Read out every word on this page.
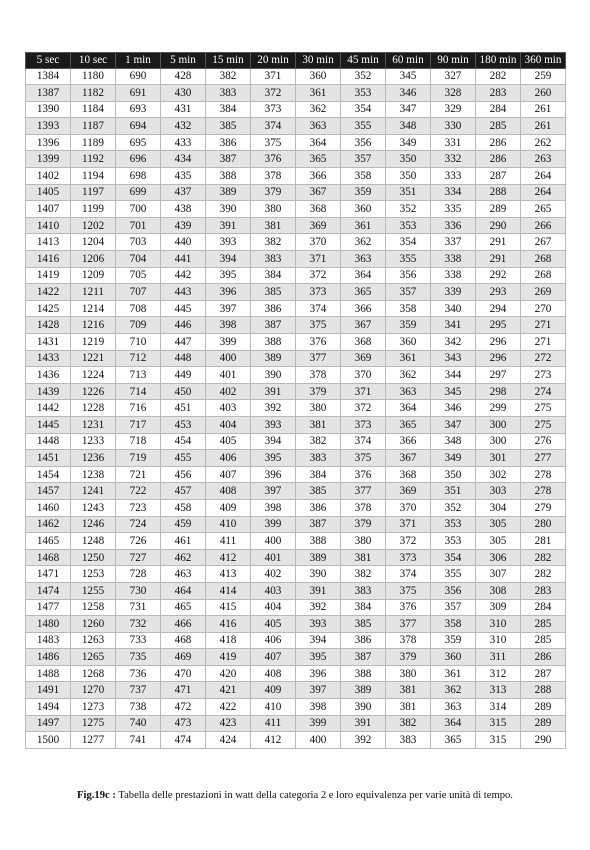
5 sec	10 sec	1 min	5 min	15 min	20 min	30 min	45 min	60 min	90 min	180 min	360 min
1384	1180	690	428	382	371	360	352	345	327	282	259
1387	1182	691	430	383	372	361	353	346	328	283	260
1390	1184	693	431	384	373	362	354	347	329	284	261
1393	1187	694	432	385	374	363	355	348	330	285	261
1396	1189	695	433	386	375	364	356	349	331	286	262
1399	1192	696	434	387	376	365	357	350	332	286	263
1402	1194	698	435	388	378	366	358	350	333	287	264
1405	1197	699	437	389	379	367	359	351	334	288	264
1407	1199	700	438	390	380	368	360	352	335	289	265
1410	1202	701	439	391	381	369	361	353	336	290	266
1413	1204	703	440	393	382	370	362	354	337	291	267
1416	1206	704	441	394	383	371	363	355	338	291	268
1419	1209	705	442	395	384	372	364	356	338	292	268
1422	1211	707	443	396	385	373	365	357	339	293	269
1425	1214	708	445	397	386	374	366	358	340	294	270
1428	1216	709	446	398	387	375	367	359	341	295	271
1431	1219	710	447	399	388	376	368	360	342	296	271
1433	1221	712	448	400	389	377	369	361	343	296	272
1436	1224	713	449	401	390	378	370	362	344	297	273
1439	1226	714	450	402	391	379	371	363	345	298	274
1442	1228	716	451	403	392	380	372	364	346	299	275
1445	1231	717	453	404	393	381	373	365	347	300	275
1448	1233	718	454	405	394	382	374	366	348	300	276
1451	1236	719	455	406	395	383	375	367	349	301	277
1454	1238	721	456	407	396	384	376	368	350	302	278
1457	1241	722	457	408	397	385	377	369	351	303	278
1460	1243	723	458	409	398	386	378	370	352	304	279
1462	1246	724	459	410	399	387	379	371	353	305	280
1465	1248	726	461	411	400	388	380	372	353	305	281
1468	1250	727	462	412	401	389	381	373	354	306	282
1471	1253	728	463	413	402	390	382	374	355	307	282
1474	1255	730	464	414	403	391	383	375	356	308	283
1477	1258	731	465	415	404	392	384	376	357	309	284
1480	1260	732	466	416	405	393	385	377	358	310	285
1483	1263	733	468	418	406	394	386	378	359	310	285
1486	1265	735	469	419	407	395	387	379	360	311	286
1488	1268	736	470	420	408	396	388	380	361	312	287
1491	1270	737	471	421	409	397	389	381	362	313	288
1494	1273	738	472	422	410	398	390	381	363	314	289
1497	1275	740	473	423	411	399	391	382	364	315	289
1500	1277	741	474	424	412	400	392	383	365	315	290
Fig.19c : Tabella delle prestazioni in watt della categoria 2 e loro equivalenza per varie unità di tempo.
